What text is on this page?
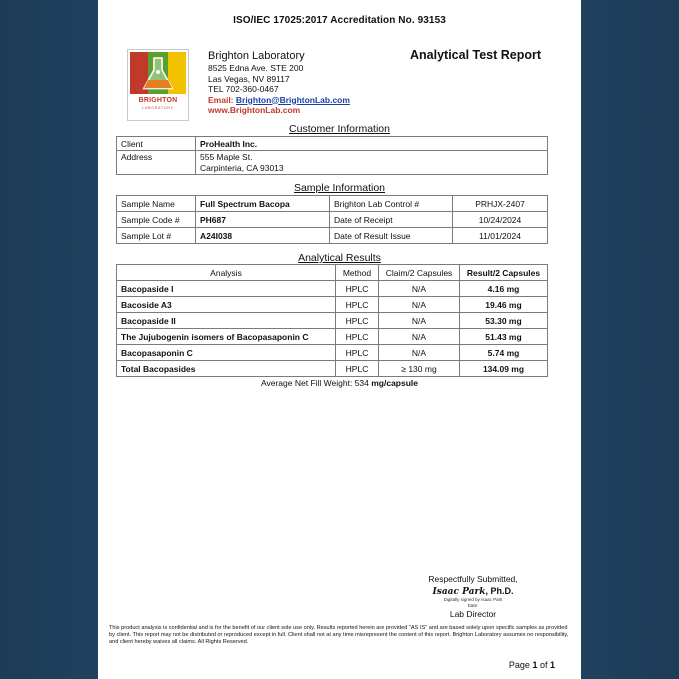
ISO/IEC 17025:2017 Accreditation No. 93153
BRIGHTON
LABORATORY
Brighton Laboratory
8525 Edna Ave. STE 200
Las Vegas, NV 89117
TEL 702-360-0467
Email: Brighton@BrightonLab.com
www.BrightonLab.com
Analytical Test Report
Customer Information
Client	ProHealth Inc.
Address	555 Maple St.
Carpinteria, CA 93013
Sample Information
Sample Name	Full Spectrum Bacopa	Brighton Lab Control #	PRHJX-2407
Sample Code #	PH687	Date of Receipt	10/24/2024
Sample Lot #	A24I038	Date of Result Issue	11/01/2024
Analytical Results
Analysis	Method	Claim/2 Capsules	Result/2 Capsules
Bacopaside I	HPLC	N/A	4.16 mg
Bacoside A3	HPLC	N/A	19.46 mg
Bacopaside II	HPLC	N/A	53.30 mg
The Jujubogenin isomers of Bacopasaponin C	HPLC	N/A	51.43 mg
Bacopasaponin C	HPLC	N/A	5.74 mg
Total Bacopasides	HPLC	≥ 130 mg	134.09 mg
Average Net Fill Weight: 534 mg/capsule
Respectfully Submitted,
Isaac Park, Ph.D.
Digitally signed by Isaac Park
Date:
Lab Director
This product analysis is confidential and is for the benefit of our client sole use only. Results reported herein are provided "AS IS" and are based solely upon specific samples as provided by client. This report may not be distributed or reproduced except in full. Client shall not at any time misrepresent the content of this report. Brighton Laboratory assumes no responsibility, and client hereby waives all claims. All Rights Reserved.
Page 1 of 1
